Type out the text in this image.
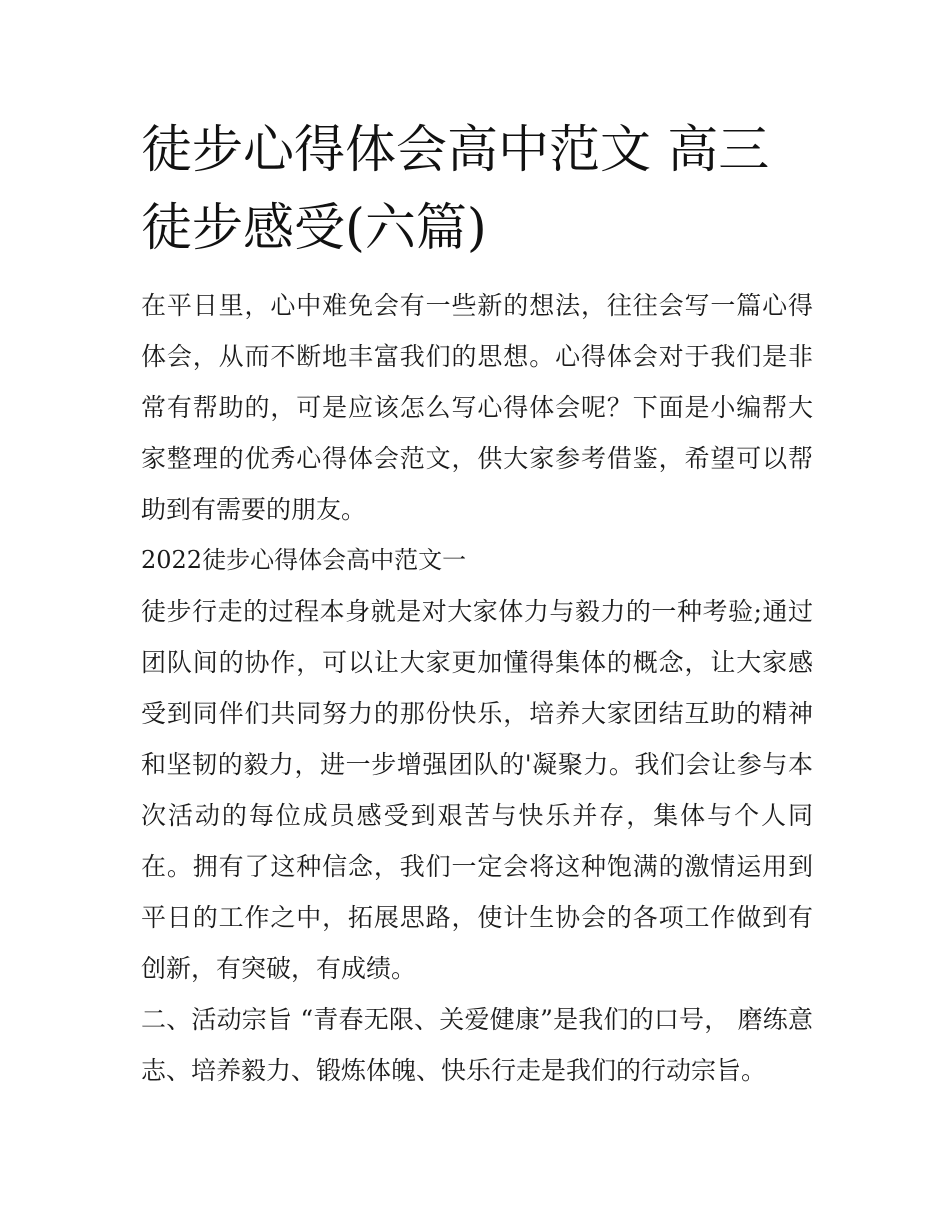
徒步心得体会高中范文 高三徒步感受(六篇)

在平日里，心中难免会有一些新的想法，往往会写一篇心得体会，从而不断地丰富我们的思想。心得体会对于我们是非常有帮助的，可是应该怎么写心得体会呢？下面是小编帮大家整理的优秀心得体会范文，供大家参考借鉴，希望可以帮助到有需要的朋友。

2022徒步心得体会高中范文一

徒步行走的过程本身就是对大家体力与毅力的一种考验;通过团队间的协作，可以让大家更加懂得集体的概念，让大家感受到同伴们共同努力的那份快乐，培养大家团结互助的精神和坚韧的毅力，进一步增强团队的'凝聚力。我们会让参与本次活动的每位成员感受到艰苦与快乐并存，集体与个人同在。拥有了这种信念，我们一定会将这种饱满的激情运用到平日的工作之中，拓展思路，使计生协会的各项工作做到有创新，有突破，有成绩。

二、活动宗旨 “青春无限、关爱健康”是我们的口号， 磨练意志、培养毅力、锻炼体魄、快乐行走是我们的行动宗旨。
